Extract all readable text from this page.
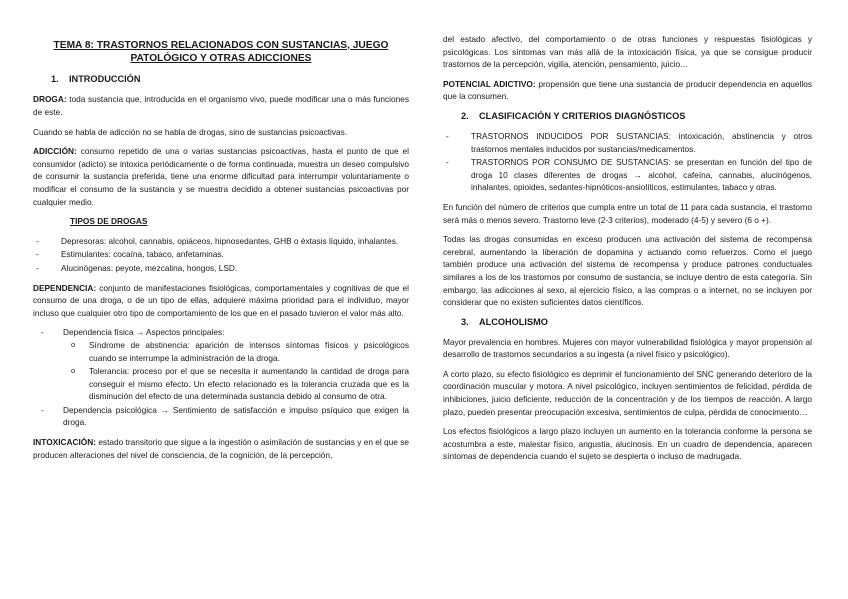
TEMA 8: TRASTORNOS RELACIONADOS CON SUSTANCIAS, JUEGO PATOLÓGICO Y OTRAS ADICCIONES
1. INTRODUCCIÓN

DROGA: toda sustancia que, introducida en el organismo vivo, puede modificar una o más funciones de este.

Cuando se habla de adicción no se habla de drogas, sino de sustancias psicoactivas.

ADICCIÓN: consumo repetido de una o varias sustancias psicoactivas, hasta el punto de que el consumidor (adicto) se intoxica periódicamente o de forma continuada, muestra un deseo compulsivo de consumir la sustancia preferida, tiene una enorme dificultad para interrumpir voluntariamente o modificar el consumo de la sustancia y se muestra decidido a obtener sustancias psicoactivas por cualquier medio.

TIPOS DE DROGAS
- Depresoras: alcohol, cannabis, opiáceos, hipnosedantes, GHB o éxtasis líquido, inhalantes.
- Estimulantes: cocaína, tabaco, anfetaminas.
- Alucinógenas: peyote, mezcalina, hongos, LSD.

DEPENDENCIA: conjunto de manifestaciones fisiológicas, comportamentales y cognitivas de que el consumo de una droga, o de un tipo de ellas, adquiere máxima prioridad para el individuo, mayor incluso que cualquier otro tipo de comportamiento de los que en el pasado tuvieron el valor más alto.

- Dependencia física → Aspectos principales:
o Síndrome de abstinencia: aparición de intensos síntomas físicos y psicológicos cuando se interrumpe la administración de la droga.
o Tolerancia: proceso por el que se necesita ir aumentando la cantidad de droga para conseguir el mismo efecto. Un efecto relacionado es la tolerancia cruzada que es la disminución del efecto de una determinada sustancia debido al consumo de otra.
- Dependencia psicológica → Sentimiento de satisfacción e impulso psíquico que exigen la droga.

INTOXICACIÓN: estado transitorio que sigue a la ingestión o asimilación de sustancias y en el que se producen alteraciones del nivel de consciencia, de la cognición, de la percepción,

del estado afectivo, del comportamiento o de otras funciones y respuestas fisiológicas y psicológicas. Los síntomas van más allá de la intoxicación física, ya que se consigue producir trastornos de la percepción, vigilia, atención, pensamiento, juicio…

POTENCIAL ADICTIVO: propensión que tiene una sustancia de producir dependencia en aquellos que la consumen.

2. CLASIFICACIÓN Y CRITERIOS DIAGNÓSTICOS
- TRASTORNOS INDUCIDOS POR SUSTANCIAS: intoxicación, abstinencia y otros trastornos mentales inducidos por sustancias/medicamentos.
- TRASTORNOS POR CONSUMO DE SUSTANCIAS: se presentan en función del tipo de droga 10 clases diferentes de drogas → alcohol, cafeína, cannabis, alucinógenos, inhalantes, opioides, sedantes-hipnóticos-ansiolíticos, estimulantes, tabaco y otras.

En función del número de criterios que cumpla entre un total de 11 para cada sustancia, el trastorno será más o menos severo. Trastorno leve (2-3 criterios), moderado (4-5) y severo (6 o +).

Todas las drogas consumidas en exceso producen una activación del sistema de recompensa cerebral, aumentando la liberación de dopamina y actuando como refuerzos. Como el juego también produce una activación del sistema de recompensa y produce patrones conductuales similares a los de los trastornos por consumo de sustancia, se incluye dentro de esta categoría. Sin embargo, las adicciones al sexo, al ejercicio físico, a las compras o a internet, no se incluyen por considerar que no existen suficientes datos científicos.

3. ALCOHOLISMO

Mayor prevalencia en hombres. Mujeres con mayor vulnerabilidad fisiológica y mayor propensión al desarrollo de trastornos secundarios a su ingesta (a nivel físico y psicológico).

A corto plazo, su efecto fisiológico es deprimir el funcionamiento del SNC generando deterioro de la coordinación muscular y motora. A nivel psicológico, incluyen sentimientos de felicidad, pérdida de inhibiciones, juicio deficiente, reducción de la concentración y de los tiempos de reacción. A largo plazo, pueden presentar preocupación excesiva, sentimientos de culpa, pérdida de conocimiento…

Los efectos fisiológicos a largo plazo incluyen un aumento en la tolerancia conforme la persona se acostumbra a este, malestar físico, angustia, alucinosis. En un cuadro de dependencia, aparecen síntomas de dependencia cuando el sujeto se despierta o incluso de madrugada.
